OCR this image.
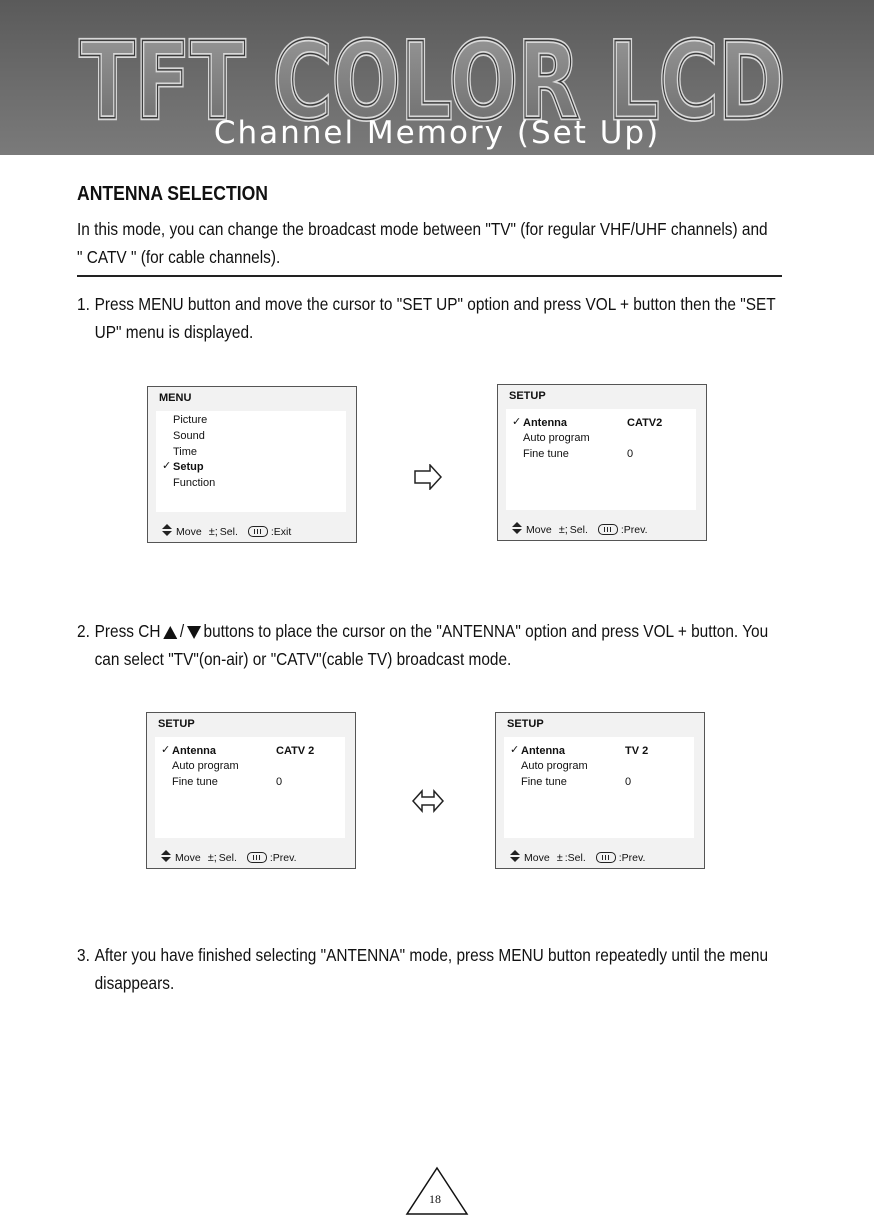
TFT COLOR LCD
TFT COLOR LCD
Channel Memory (Set Up)
ANTENNA SELECTION
In this mode, you can change the broadcast mode between "TV" (for regular VHF/UHF channels) and " CATV " (for cable channels).
1. Press MENU button and move the cursor to "SET UP" option and press VOL + button then the "SET UP" menu is displayed.
MENU
Picture
Sound
Time
✓ Setup
Function
Move ±; Sel.	:Exit
SETUP
✓ Antenna	CATV2
Auto program
Fine tune	0
Move ±; Sel.	:Prev.
2. Press CH / buttons to place the cursor on the "ANTENNA" option and press VOL + button. You can select "TV"(on-air) or "CATV"(cable TV) broadcast mode.
SETUP
✓ Antenna	CATV 2
Auto program
Fine tune	0
Move ±; Sel.	:Prev.
SETUP
✓ Antenna	TV 2
Auto program
Fine tune	0
Move ± :Sel.	:Prev.
3. After you have finished selecting "ANTENNA" mode, press MENU button repeatedly until the menu disappears.
18
